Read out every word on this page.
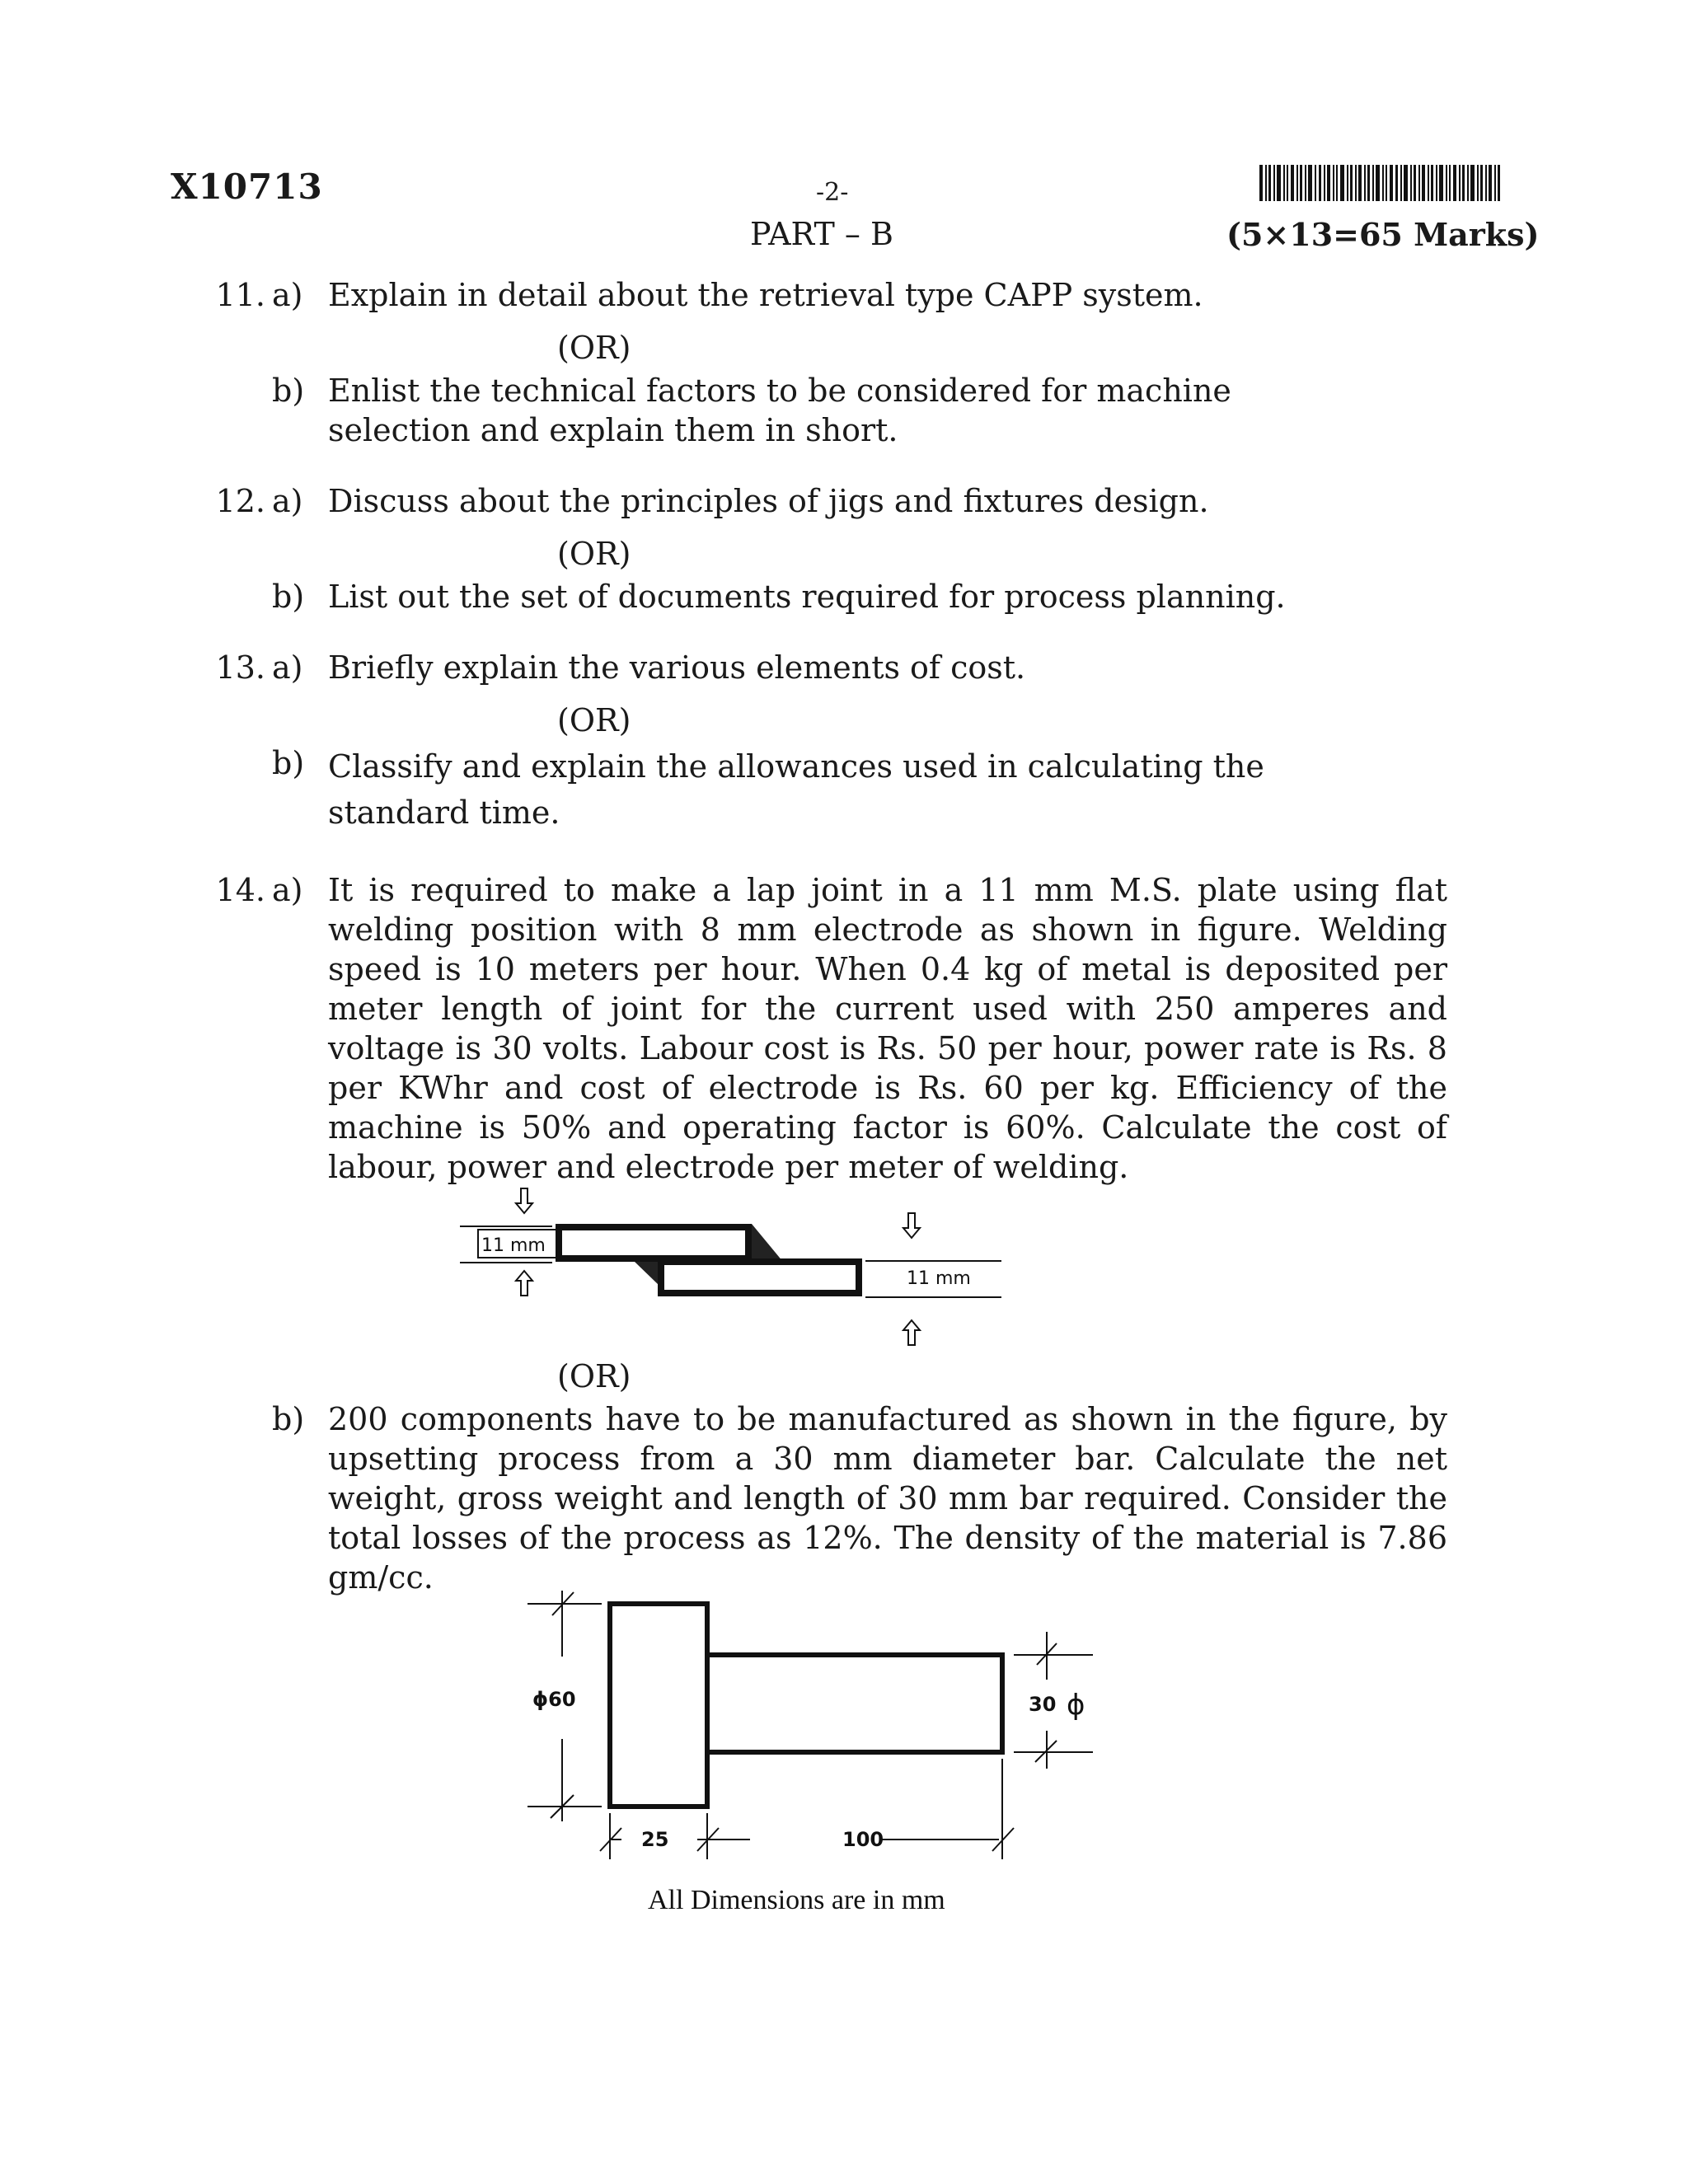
X10713	-2-
PART – B	(5×13=65 Marks)
11. a) Explain in detail about the retrieval type CAPP system.
(OR)
b) Enlist the technical factors to be considered for machine selection and explain them in short.
12. a) Discuss about the principles of jigs and fixtures design.
(OR)
b) List out the set of documents required for process planning.
13. a) Briefly explain the various elements of cost.
(OR)
b) Classify and explain the allowances used in calculating the standard time.
14. a) It is required to make a lap joint in a 11 mm M.S. plate using flat welding position with 8 mm electrode as shown in figure. Welding speed is 10 meters per hour. When 0.4 kg of metal is deposited per meter length of joint for the current used with 250 amperes and voltage is 30 volts. Labour cost is Rs. 50 per hour, power rate is Rs. 8 per KWhr and cost of electrode is Rs. 60 per kg. Efficiency of the machine is 50% and operating factor is 60%. Calculate the cost of labour, power and electrode per meter of welding.
11 mm
11 mm
(OR)
b) 200 components have to be manufactured as shown in the figure, by upsetting process from a 30 mm diameter bar. Calculate the net weight, gross weight and length of 30 mm bar required. Consider the total losses of the process as 12%. The density of the material is 7.86 gm/cc.
ϕ60	30 ϕ
25	100
All Dimensions are in mm
